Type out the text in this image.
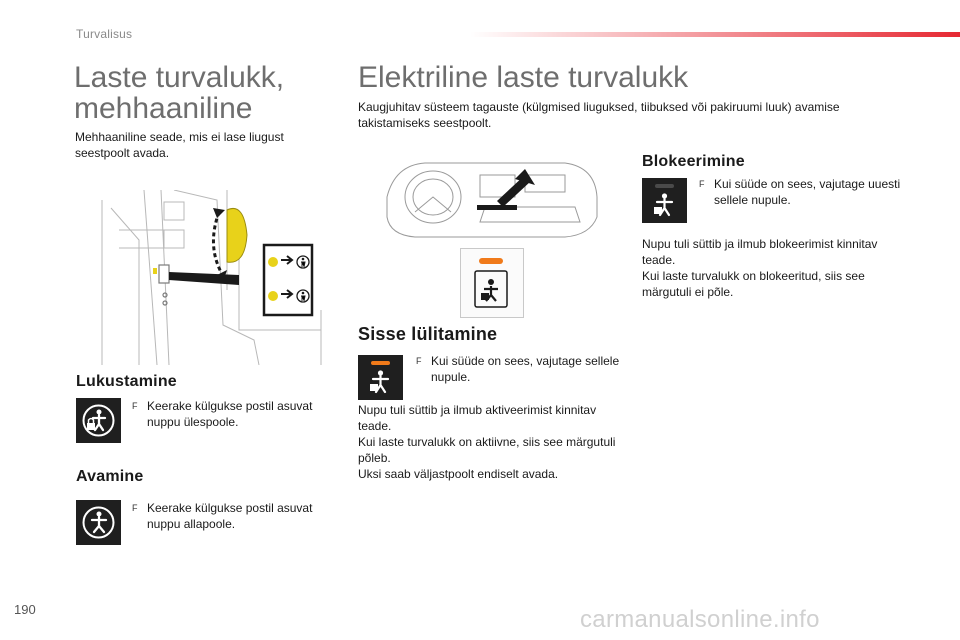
Turvalisus
Laste turvalukk,
mehhaaniline
Mehhaaniline seade, mis ei lase liugust seestpoolt avada.
Lukustamine
F Keerake külgukse postil asuvat nuppu ülespoole.
Avamine
F Keerake külgukse postil asuvat nuppu allapoole.
Elektriline laste turvalukk
Kaugjuhitav süsteem tagauste (külgmised liuguksed, tiibuksed või pakiruumi luuk) avamise takistamiseks seestpoolt.
Sisse lülitamine
F Kui süüde on sees, vajutage sellele nupule.
Nupu tuli süttib ja ilmub aktiveerimist kinnitav teade.
Kui laste turvalukk on aktiivne, siis see märgutuli põleb.
Uksi saab väljastpoolt endiselt avada.
Blokeerimine
F Kui süüde on sees, vajutage uuesti sellele nupule.
Nupu tuli süttib ja ilmub blokeerimist kinnitav teade.
Kui laste turvalukk on blokeeritud, siis see märgutuli ei põle.
190	carmanualsonline.info
